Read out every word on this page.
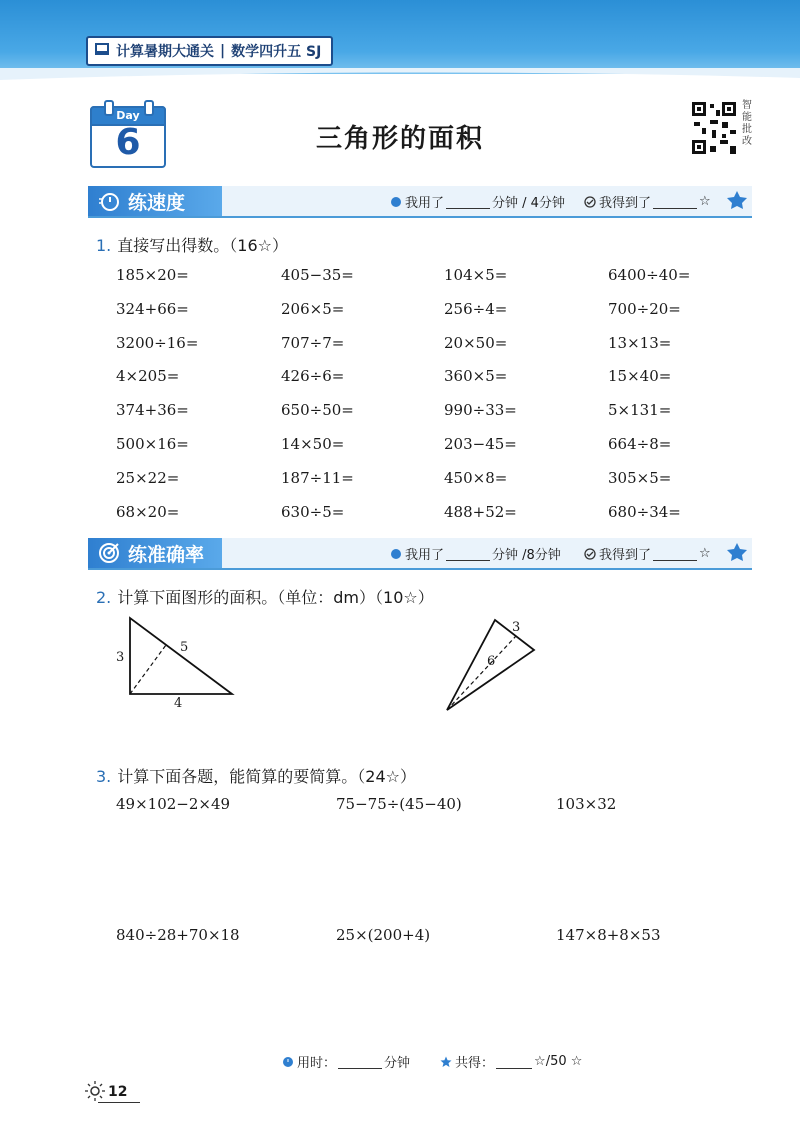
计算暑期大通关 | 数学四升五 SJ
Day
6	三角形的面积
智
能
批
改
练速度	我用了	分钟 / 4分钟	我得到了	☆
1. 直接写出得数。（16☆）
185×20=	405−35=	104×5=	6400÷40=
324+66=	206×5=	256÷4=	700÷20=
3200÷16=	707÷7=	20×50=	13×13=
4×205=	426÷6=	360×5=	15×40=
374+36=	650÷50=	990÷33=	5×131=
500×16=	14×50=	203−45=	664÷8=
25×22=	187÷11=	450×8=	305×5=
68×20=	630÷5=	488+52=	680÷34=
练准确率	我用了	分钟 /8分钟	我得到了	☆
2. 计算下面图形的面积。（单位：dm）（10☆）
3
5
4
3
6
3. 计算下面各题，能简算的要简算。（24☆）
49×102−2×49	75−75÷(45−40)	103×32
840÷28+70×18	25×(200+4)	147×8+8×53
用时：	分钟	共得：	☆/50 ☆
12
